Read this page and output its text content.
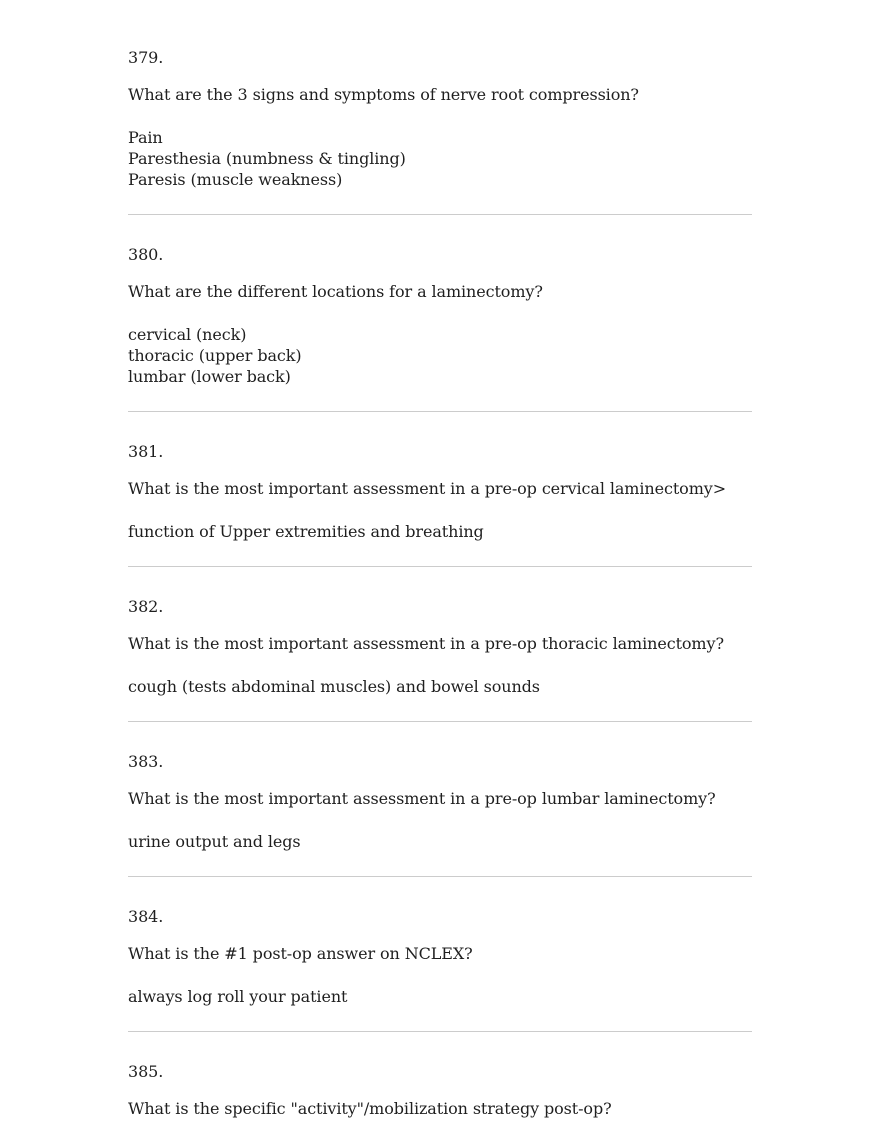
379.
What are the 3 signs and symptoms of nerve root compression?
Pain
Paresthesia (numbness & tingling)
Paresis (muscle weakness)
380.
What are the different locations for a laminectomy?
cervical (neck)
thoracic (upper back)
lumbar (lower back)
381.
What is the most important assessment in a pre-op cervical laminectomy>
function of Upper extremities and breathing
382.
What is the most important assessment in a pre-op thoracic laminectomy?
cough (tests abdominal muscles) and bowel sounds
383.
What is the most important assessment in a pre-op lumbar laminectomy?
urine output and legs
384.
What is the #1 post-op answer on NCLEX?
always log roll your patient
385.
What is the specific "activity"/mobilization strategy post-op?
